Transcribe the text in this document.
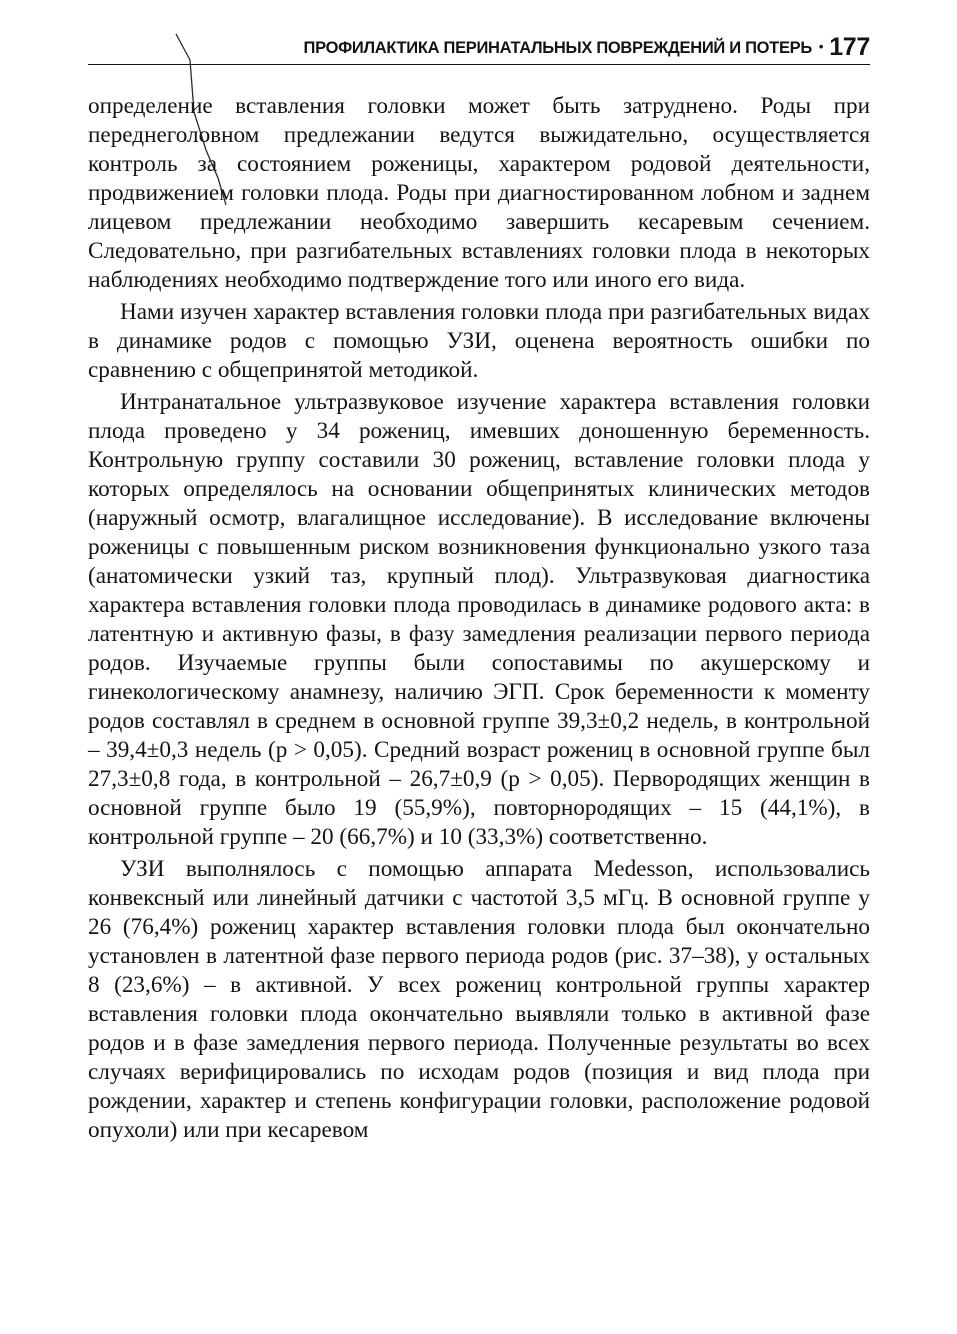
ПРОФИЛАКТИКА ПЕРИНАТАЛЬНЫХ ПОВРЕЖДЕНИЙ И ПОТЕРЬ • 177

определение вставления головки может быть затруднено. Роды при переднеголовном предлежании ведутся выжидательно, осуществляется контроль за состоянием роженицы, характером родовой деятельности, продвижением головки плода. Роды при диагностированном лобном и заднем лицевом предлежании необходимо завершить кесаревым сечением. Следовательно, при разгибательных вставлениях головки плода в некоторых наблюдениях необходимо подтверждение того или иного его вида.

Нами изучен характер вставления головки плода при разгибательных видах в динамике родов с помощью УЗИ, оценена вероятность ошибки по сравнению с общепринятой методикой.

Интранатальное ультразвуковое изучение характера вставления головки плода проведено у 34 рожениц, имевших доношенную беременность. Контрольную группу составили 30 рожениц, вставление головки плода у которых определялось на основании общепринятых клинических методов (наружный осмотр, влагалищное исследование). В исследование включены роженицы с повышенным риском возникновения функционально узкого таза (анатомически узкий таз, крупный плод). Ультразвуковая диагностика характера вставления головки плода проводилась в динамике родового акта: в латентную и активную фазы, в фазу замедления реализации первого периода родов. Изучаемые группы были сопоставимы по акушерскому и гинекологическому анамнезу, наличию ЭГП. Срок беременности к моменту родов составлял в среднем в основной группе 39,3±0,2 недель, в контрольной – 39,4±0,3 недель (p > 0,05). Средний возраст рожениц в основной группе был 27,3±0,8 года, в контрольной – 26,7±0,9 (p > 0,05). Первородящих женщин в основной группе было 19 (55,9%), повторнородящих – 15 (44,1%), в контрольной группе – 20 (66,7%) и 10 (33,3%) соответственно.

УЗИ выполнялось с помощью аппарата Medesson, использовались конвексный или линейный датчики с частотой 3,5 мГц. В основной группе у 26 (76,4%) рожениц характер вставления головки плода был окончательно установлен в латентной фазе первого периода родов (рис. 37–38), у остальных 8 (23,6%) – в активной. У всех рожениц контрольной группы характер вставления головки плода окончательно выявляли только в активной фазе родов и в фазе замедления первого периода. Полученные результаты во всех случаях верифицировались по исходам родов (позиция и вид плода при рождении, характер и степень конфигурации головки, расположение родовой опухоли) или при кесаревом
